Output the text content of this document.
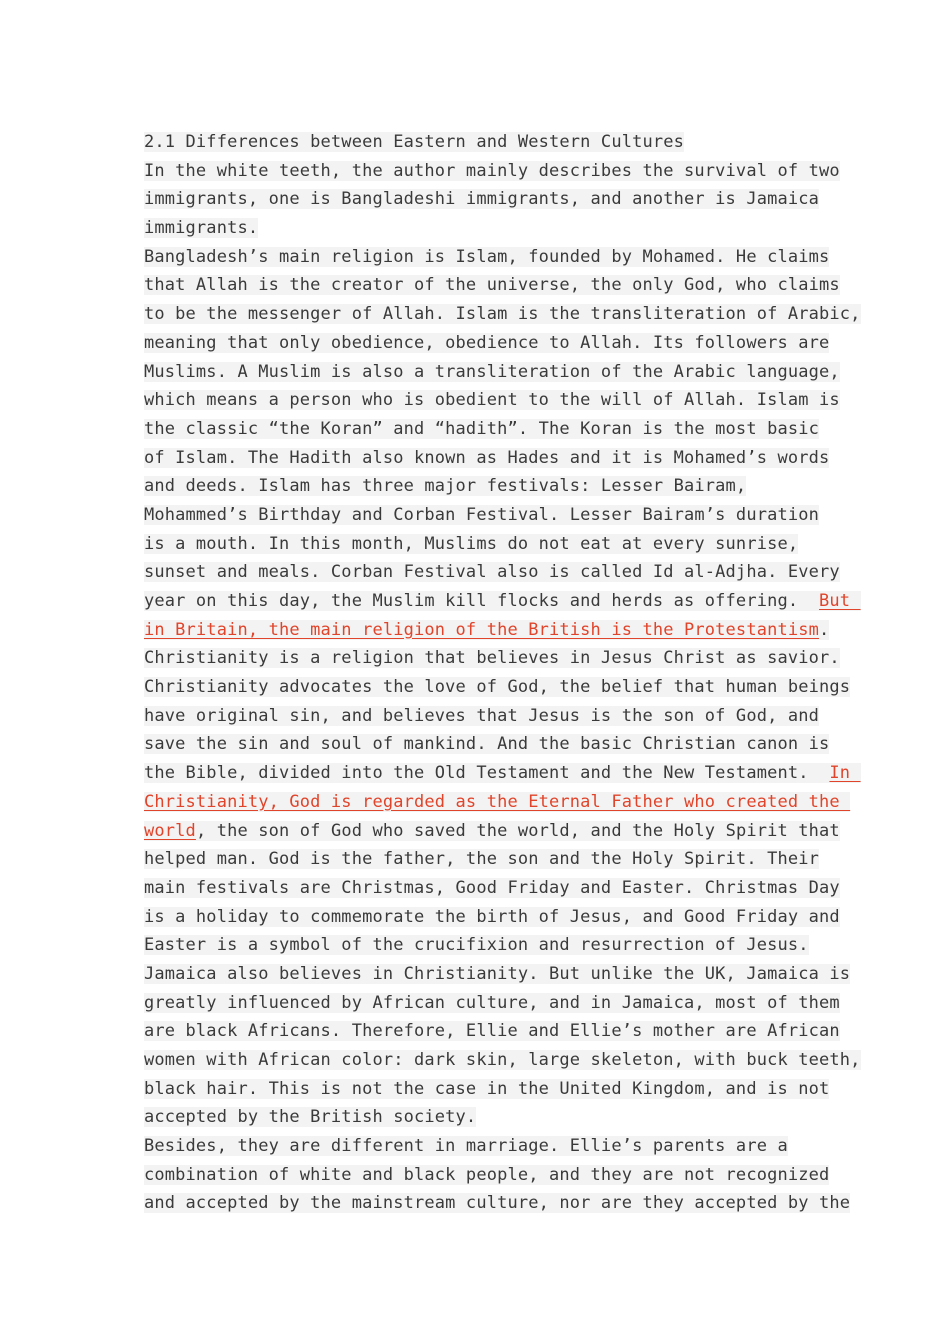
2.1 Differences between Eastern and Western Cultures
In the white teeth, the author mainly describes the survival of two
immigrants, one is Bangladeshi immigrants, and another is Jamaica
immigrants.
Bangladesh’s main religion is Islam, founded by Mohamed. He claims
that Allah is the creator of the universe, the only God, who claims
to be the messenger of Allah. Islam is the transliteration of Arabic,
meaning that only obedience, obedience to Allah. Its followers are
Muslims. A Muslim is also a transliteration of the Arabic language,
which means a person who is obedient to the will of Allah. Islam is
the classic “the Koran” and “hadith”. The Koran is the most basic
of Islam. The Hadith also known as Hades and it is Mohamed’s words
and deeds. Islam has three major festivals: Lesser Bairam,
Mohammed’s Birthday and Corban Festival. Lesser Bairam’s duration
is a mouth. In this month, Muslims do not eat at every sunrise,
sunset and meals. Corban Festival also is called Id al-Adjha. Every
year on this day, the Muslim kill flocks and herds as offering.  But
in Britain, the main religion of the British is the Protestantism.
Christianity is a religion that believes in Jesus Christ as savior.
Christianity advocates the love of God, the belief that human beings
have original sin, and believes that Jesus is the son of God, and
save the sin and soul of mankind. And the basic Christian canon is
the Bible, divided into the Old Testament and the New Testament.  In
Christianity, God is regarded as the Eternal Father who created the
world, the son of God who saved the world, and the Holy Spirit that
helped man. God is the father, the son and the Holy Spirit. Their
main festivals are Christmas, Good Friday and Easter. Christmas Day
is a holiday to commemorate the birth of Jesus, and Good Friday and
Easter is a symbol of the crucifixion and resurrection of Jesus.
Jamaica also believes in Christianity. But unlike the UK, Jamaica is
greatly influenced by African culture, and in Jamaica, most of them
are black Africans. Therefore, Ellie and Ellie’s mother are African
women with African color: dark skin, large skeleton, with buck teeth,
black hair. This is not the case in the United Kingdom, and is not
accepted by the British society.
Besides, they are different in marriage. Ellie’s parents are a
combination of white and black people, and they are not recognized
and accepted by the mainstream culture, nor are they accepted by the
